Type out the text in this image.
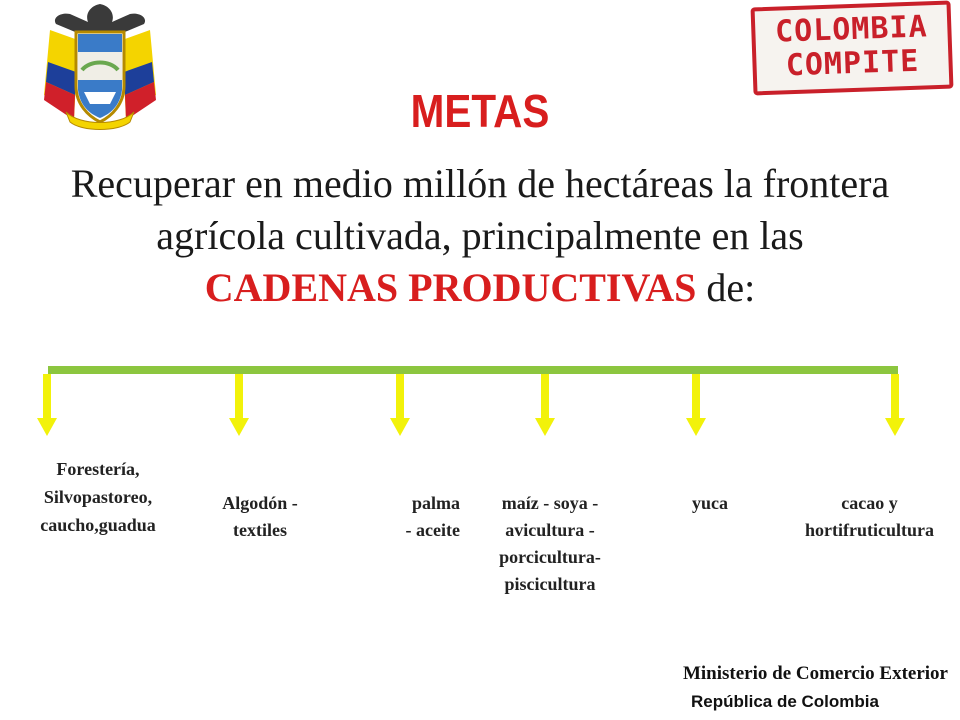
COLOMBIA
COMPITE
METAS
Recuperar en medio millón de hectáreas la frontera agrícola cultivada, principalmente en las CADENAS PRODUCTIVAS de:
Forestería,
Silvopastoreo,
caucho,guadua
Algodón -
textiles
palma
- aceite
maíz - soya -
avicultura -
porcicultura-
piscicultura
yuca	cacao y
hortifruticultura
Ministerio de Comercio Exterior
República de Colombia
